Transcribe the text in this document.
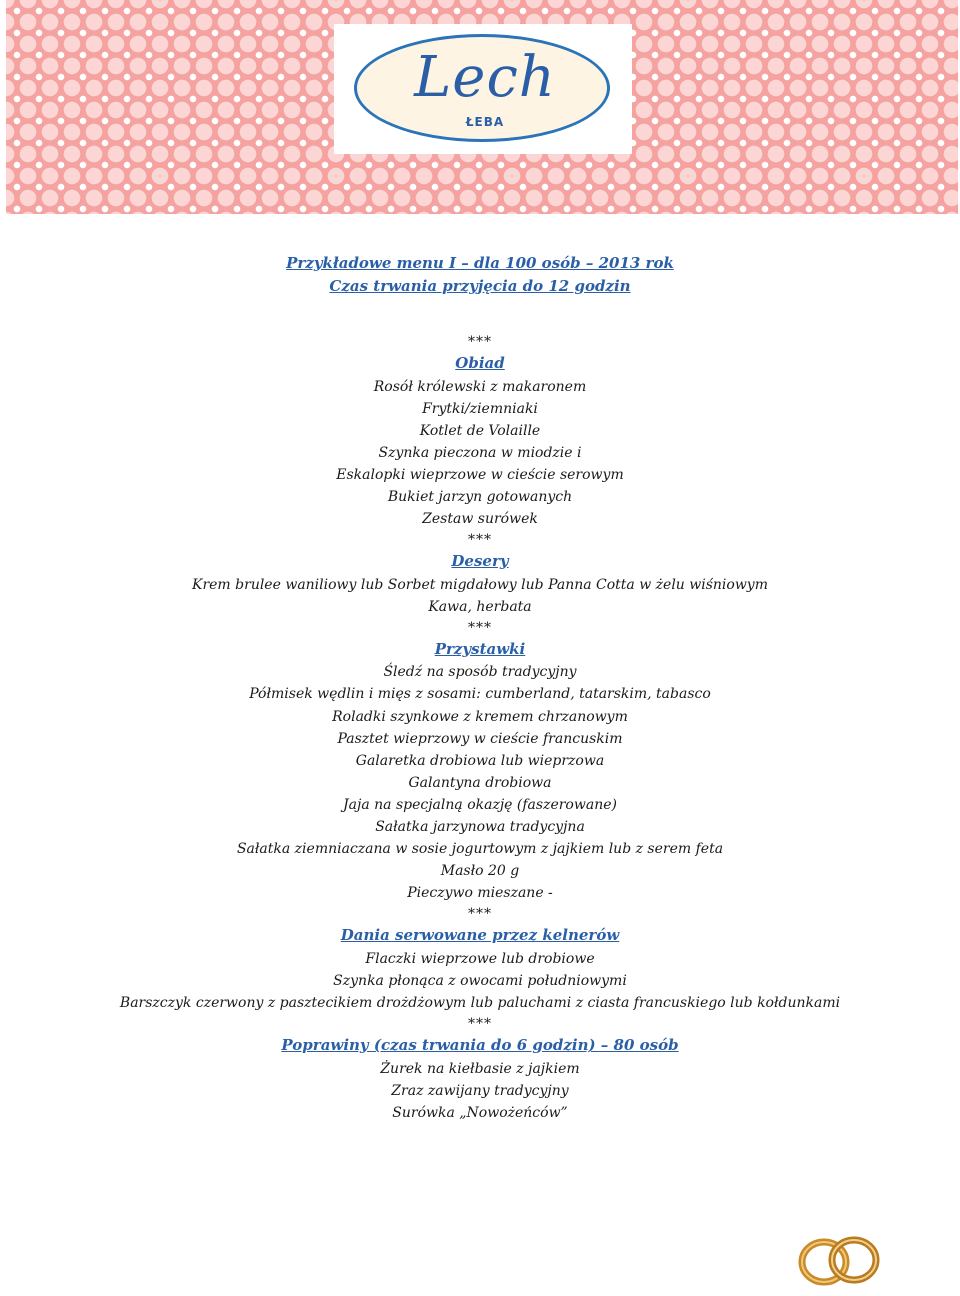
Lech
ŁEBA
Przykładowe menu I – dla 100 osób – 2013 rok
Czas trwania przyjęcia do 12 godzin
***
Obiad
Rosół królewski z makaronem
Frytki/ziemniaki
Kotlet de Volaille
Szynka pieczona w miodzie i
Eskalopki wieprzowe w cieście serowym
Bukiet jarzyn gotowanych
Zestaw surówek
***
Desery
Krem brulee waniliowy lub Sorbet migdałowy lub Panna Cotta w żelu wiśniowym
Kawa, herbata
***
Przystawki
Śledź na sposób tradycyjny
Półmisek wędlin i mięs z sosami: cumberland, tatarskim, tabasco
Roladki szynkowe z kremem chrzanowym
Pasztet wieprzowy w cieście francuskim
Galaretka drobiowa lub wieprzowa
Galantyna drobiowa
Jaja na specjalną okazję (faszerowane)
Sałatka jarzynowa tradycyjna
Sałatka ziemniaczana w sosie jogurtowym z jajkiem lub z serem feta
Masło 20 g
Pieczywo mieszane -
***
Dania serwowane przez kelnerów
Flaczki wieprzowe lub drobiowe
Szynka płonąca z owocami południowymi
Barszczyk czerwony z pasztecikiem drożdżowym lub paluchami z ciasta francuskiego lub kołdunkami
***
Poprawiny (czas trwania do 6 godzin) – 80 osób
Żurek na kiełbasie z jajkiem
Zraz zawijany tradycyjny
Surówka „Nowożeńców”
